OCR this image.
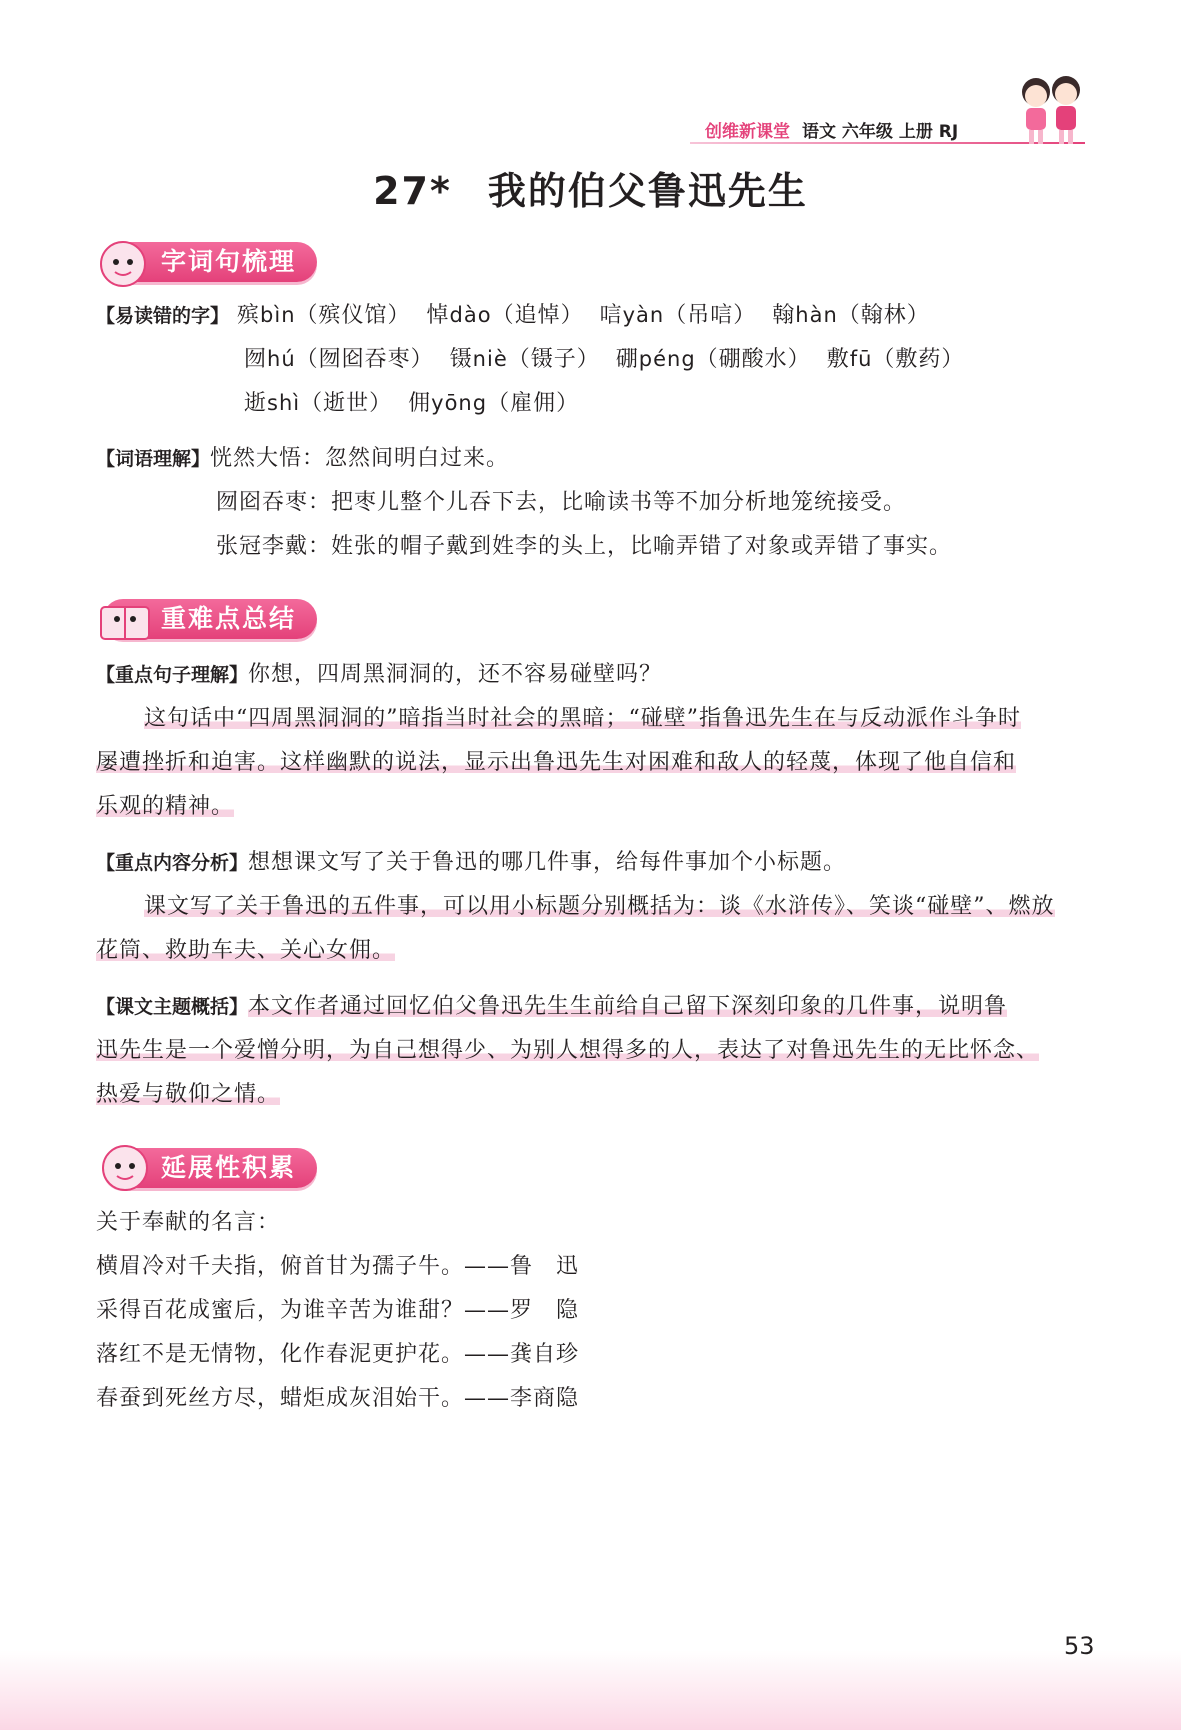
创维新课堂 语文 六年级 上册 RJ
27* 我的伯父鲁迅先生
字词句梳理
【易读错的字】 殡bìn（殡仪馆） 悼dào（追悼） 唁yàn（吊唁） 翰hàn（翰林）
囫hú（囫囵吞枣） 镊niè（镊子） 硼péng（硼酸水） 敷fū（敷药）
逝shì（逝世） 佣yōng（雇佣）
【词语理解】恍然大悟：忽然间明白过来。
囫囵吞枣：把枣儿整个儿吞下去，比喻读书等不加分析地笼统接受。
张冠李戴：姓张的帽子戴到姓李的头上，比喻弄错了对象或弄错了事实。
重难点总结
【重点句子理解】你想，四周黑洞洞的，还不容易碰壁吗？
这句话中“四周黑洞洞的”暗指当时社会的黑暗；“碰壁”指鲁迅先生在与反动派作斗争时
屡遭挫折和迫害。这样幽默的说法，显示出鲁迅先生对困难和敌人的轻蔑，体现了他自信和
乐观的精神。
【重点内容分析】想想课文写了关于鲁迅的哪几件事，给每件事加个小标题。
课文写了关于鲁迅的五件事，可以用小标题分别概括为：谈《水浒传》、笑谈“碰壁”、燃放
花筒、救助车夫、关心女佣。
【课文主题概括】本文作者通过回忆伯父鲁迅先生生前给自己留下深刻印象的几件事，说明鲁
迅先生是一个爱憎分明，为自己想得少、为别人想得多的人，表达了对鲁迅先生的无比怀念、
热爱与敬仰之情。
延展性积累
关于奉献的名言：
横眉冷对千夫指，俯首甘为孺子牛。——鲁　迅
采得百花成蜜后，为谁辛苦为谁甜？——罗　隐
落红不是无情物，化作春泥更护花。——龚自珍
春蚕到死丝方尽，蜡炬成灰泪始干。——李商隐
53
